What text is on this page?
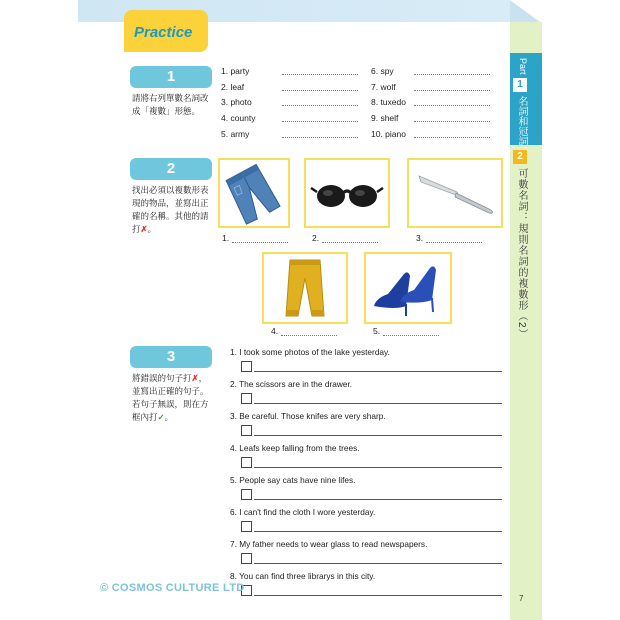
Part
1
名詞和冠詞
2
可數名詞：規則名詞的複數形（2）
Practice
1
請將右列單數名詞改成「複數」形態。
1. party
2. leaf
3. photo
4. county
5. army
6. spy
7. wolf
8. tuxedo
9. shelf
10. piano
2
找出必須以複數形表現的物品，並寫出正確的名稱。其他的請打✗。
1.	2.	3.
4.	5.
3
將錯誤的句子打✗，並寫出正確的句子。若句子無誤，則在方框內打✓。
1. I took some photos of the lake yesterday.
2. The scissors are in the drawer.
3. Be careful. Those knifes are very sharp.
4. Leafs keep falling from the trees.
5. People say cats have nine lifes.
6. I can't find the cloth I wore yesterday.
7. My father needs to wear glass to read newspapers.
8. You can find three librarys in this city.
© COSMOS CULTURE LTD
7
